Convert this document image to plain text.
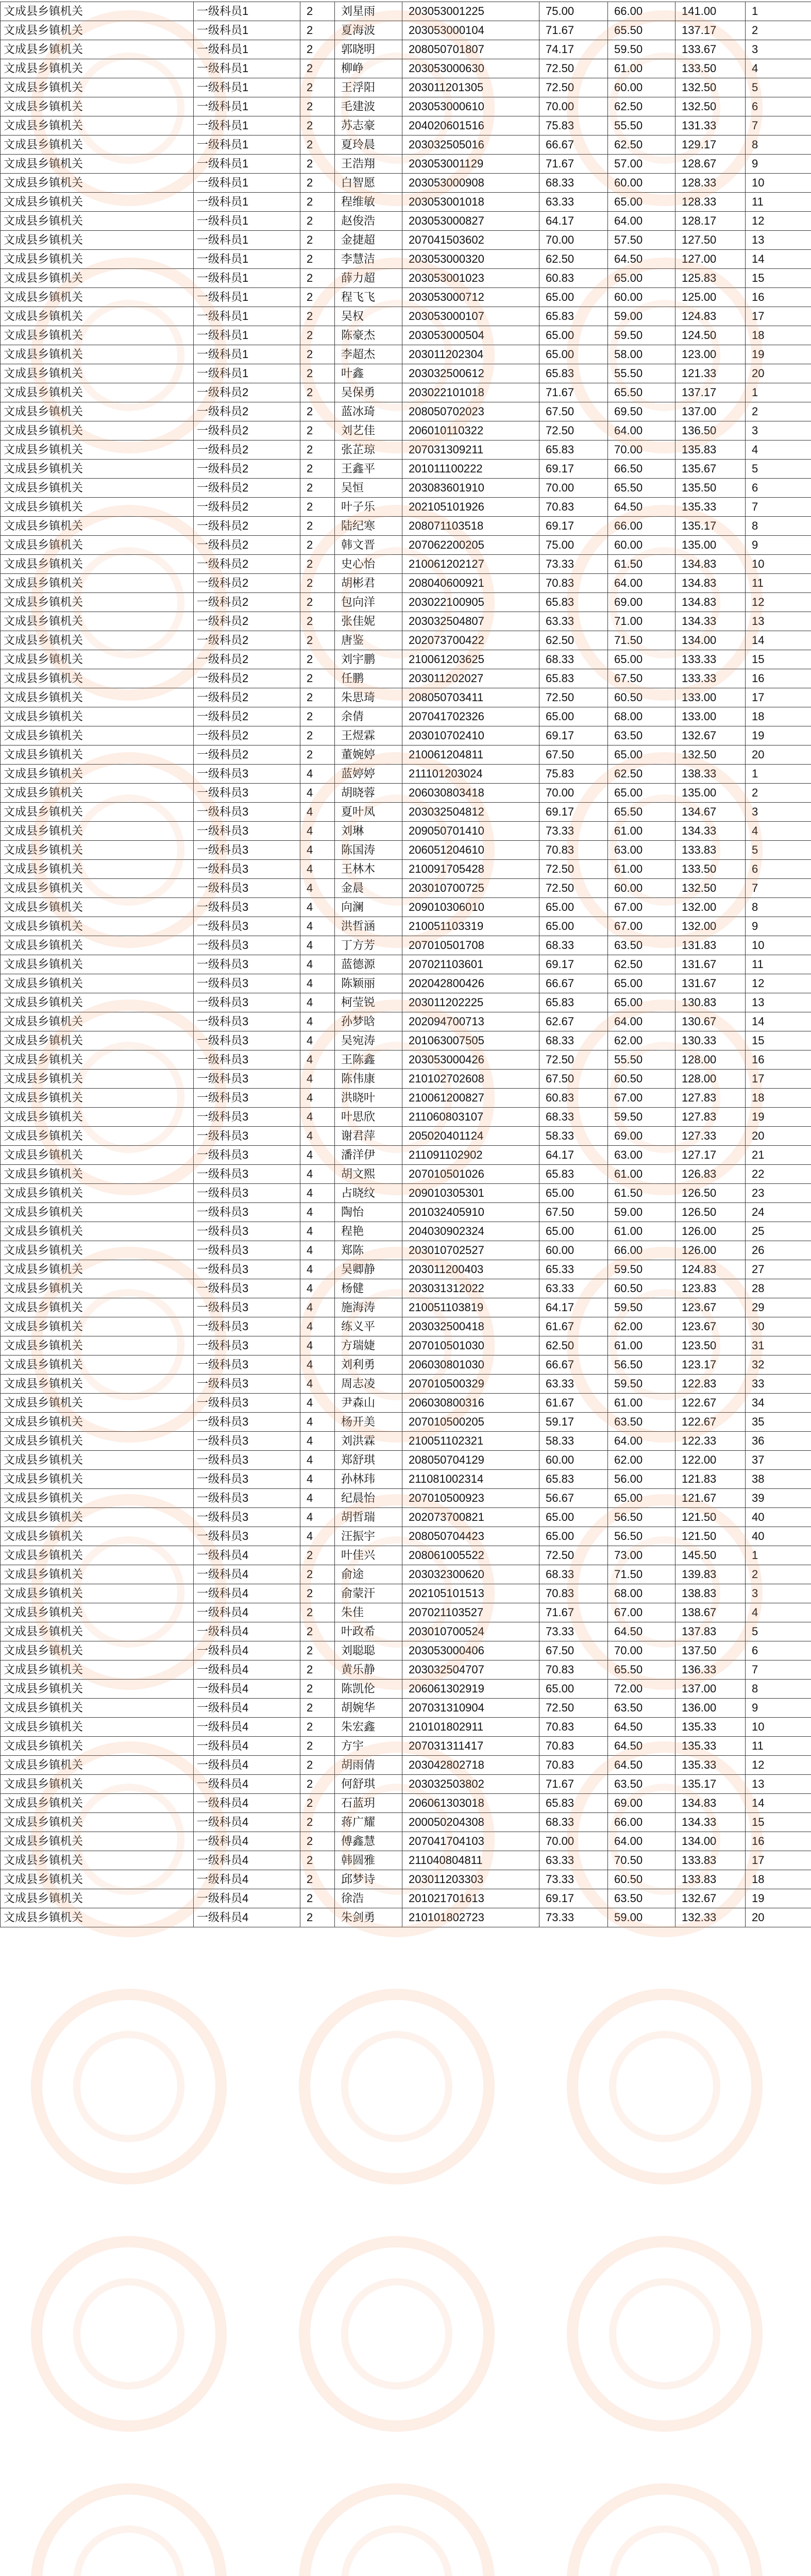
文成县乡镇机关	一级科员1	2	刘星雨	203053001225	75.00	66.00	141.00	1
文成县乡镇机关	一级科员1	2	夏海波	203053000104	71.67	65.50	137.17	2
文成县乡镇机关	一级科员1	2	郭晓明	208050701807	74.17	59.50	133.67	3
文成县乡镇机关	一级科员1	2	柳峥	203053000630	72.50	61.00	133.50	4
文成县乡镇机关	一级科员1	2	王浮阳	203011201305	72.50	60.00	132.50	5
文成县乡镇机关	一级科员1	2	毛建波	203053000610	70.00	62.50	132.50	6
文成县乡镇机关	一级科员1	2	苏志豪	204020601516	75.83	55.50	131.33	7
文成县乡镇机关	一级科员1	2	夏玲晨	203032505016	66.67	62.50	129.17	8
文成县乡镇机关	一级科员1	2	王浩翔	203053001129	71.67	57.00	128.67	9
文成县乡镇机关	一级科员1	2	白智愿	203053000908	68.33	60.00	128.33	10
文成县乡镇机关	一级科员1	2	程维敏	203053001018	63.33	65.00	128.33	11
文成县乡镇机关	一级科员1	2	赵俊浩	203053000827	64.17	64.00	128.17	12
文成县乡镇机关	一级科员1	2	金捷超	207041503602	70.00	57.50	127.50	13
文成县乡镇机关	一级科员1	2	李慧洁	203053000320	62.50	64.50	127.00	14
文成县乡镇机关	一级科员1	2	薛力超	203053001023	60.83	65.00	125.83	15
文成县乡镇机关	一级科员1	2	程飞飞	203053000712	65.00	60.00	125.00	16
文成县乡镇机关	一级科员1	2	吴权	203053000107	65.83	59.00	124.83	17
文成县乡镇机关	一级科员1	2	陈豪杰	203053000504	65.00	59.50	124.50	18
文成县乡镇机关	一级科员1	2	李超杰	203011202304	65.00	58.00	123.00	19
文成县乡镇机关	一级科员1	2	叶鑫	203032500612	65.83	55.50	121.33	20
文成县乡镇机关	一级科员2	2	吴保勇	203022101018	71.67	65.50	137.17	1
文成县乡镇机关	一级科员2	2	蓝冰琦	208050702023	67.50	69.50	137.00	2
文成县乡镇机关	一级科员2	2	刘艺佳	206010110322	72.50	64.00	136.50	3
文成县乡镇机关	一级科员2	2	张芷琼	207031309211	65.83	70.00	135.83	4
文成县乡镇机关	一级科员2	2	王鑫平	201011100222	69.17	66.50	135.67	5
文成县乡镇机关	一级科员2	2	吴恒	203083601910	70.00	65.50	135.50	6
文成县乡镇机关	一级科员2	2	叶子乐	202105101926	70.83	64.50	135.33	7
文成县乡镇机关	一级科员2	2	陆纪寒	208071103518	69.17	66.00	135.17	8
文成县乡镇机关	一级科员2	2	韩文晋	207062200205	75.00	60.00	135.00	9
文成县乡镇机关	一级科员2	2	史心怡	210061202127	73.33	61.50	134.83	10
文成县乡镇机关	一级科员2	2	胡彬君	208040600921	70.83	64.00	134.83	11
文成县乡镇机关	一级科员2	2	包向洋	203022100905	65.83	69.00	134.83	12
文成县乡镇机关	一级科员2	2	张佳妮	203032504807	63.33	71.00	134.33	13
文成县乡镇机关	一级科员2	2	唐鉴	202073700422	62.50	71.50	134.00	14
文成县乡镇机关	一级科员2	2	刘宇鹏	210061203625	68.33	65.00	133.33	15
文成县乡镇机关	一级科员2	2	任鹏	203011202027	65.83	67.50	133.33	16
文成县乡镇机关	一级科员2	2	朱思琦	208050703411	72.50	60.50	133.00	17
文成县乡镇机关	一级科员2	2	余倩	207041702326	65.00	68.00	133.00	18
文成县乡镇机关	一级科员2	2	王煜霖	203010702410	69.17	63.50	132.67	19
文成县乡镇机关	一级科员2	2	董婉婷	210061204811	67.50	65.00	132.50	20
文成县乡镇机关	一级科员3	4	蓝婷婷	211101203024	75.83	62.50	138.33	1
文成县乡镇机关	一级科员3	4	胡晓蓉	206030803418	70.00	65.00	135.00	2
文成县乡镇机关	一级科员3	4	夏叶凤	203032504812	69.17	65.50	134.67	3
文成县乡镇机关	一级科员3	4	刘琳	209050701410	73.33	61.00	134.33	4
文成县乡镇机关	一级科员3	4	陈国涛	206051204610	70.83	63.00	133.83	5
文成县乡镇机关	一级科员3	4	王林木	210091705428	72.50	61.00	133.50	6
文成县乡镇机关	一级科员3	4	金晨	203010700725	72.50	60.00	132.50	7
文成县乡镇机关	一级科员3	4	向澜	209010306010	65.00	67.00	132.00	8
文成县乡镇机关	一级科员3	4	洪哲涵	210051103319	65.00	67.00	132.00	9
文成县乡镇机关	一级科员3	4	丁方芳	207010501708	68.33	63.50	131.83	10
文成县乡镇机关	一级科员3	4	蓝德源	207021103601	69.17	62.50	131.67	11
文成县乡镇机关	一级科员3	4	陈颖丽	202042800426	66.67	65.00	131.67	12
文成县乡镇机关	一级科员3	4	柯莹锐	203011202225	65.83	65.00	130.83	13
文成县乡镇机关	一级科员3	4	孙梦晗	202094700713	62.67	64.00	130.67	14
文成县乡镇机关	一级科员3	4	吴宛涛	201063007505	68.33	62.00	130.33	15
文成县乡镇机关	一级科员3	4	王陈鑫	203053000426	72.50	55.50	128.00	16
文成县乡镇机关	一级科员3	4	陈伟康	210102702608	67.50	60.50	128.00	17
文成县乡镇机关	一级科员3	4	洪晓叶	210061200827	60.83	67.00	127.83	18
文成县乡镇机关	一级科员3	4	叶思欣	211060803107	68.33	59.50	127.83	19
文成县乡镇机关	一级科员3	4	谢君萍	205020401124	58.33	69.00	127.33	20
文成县乡镇机关	一级科员3	4	潘洋伊	211091102902	64.17	63.00	127.17	21
文成县乡镇机关	一级科员3	4	胡文熙	207010501026	65.83	61.00	126.83	22
文成县乡镇机关	一级科员3	4	占晓纹	209010305301	65.00	61.50	126.50	23
文成县乡镇机关	一级科员3	4	陶怡	201032405910	67.50	59.00	126.50	24
文成县乡镇机关	一级科员3	4	程艳	204030902324	65.00	61.00	126.00	25
文成县乡镇机关	一级科员3	4	郑陈	203010702527	60.00	66.00	126.00	26
文成县乡镇机关	一级科员3	4	吴卿静	203011200403	65.33	59.50	124.83	27
文成县乡镇机关	一级科员3	4	杨健	203031312022	63.33	60.50	123.83	28
文成县乡镇机关	一级科员3	4	施海涛	210051103819	64.17	59.50	123.67	29
文成县乡镇机关	一级科员3	4	练义平	203032500418	61.67	62.00	123.67	30
文成县乡镇机关	一级科员3	4	方瑞婕	207010501030	62.50	61.00	123.50	31
文成县乡镇机关	一级科员3	4	刘利勇	206030801030	66.67	56.50	123.17	32
文成县乡镇机关	一级科员3	4	周志凌	207010500329	63.33	59.50	122.83	33
文成县乡镇机关	一级科员3	4	尹森山	206030800316	61.67	61.00	122.67	34
文成县乡镇机关	一级科员3	4	杨开美	207010500205	59.17	63.50	122.67	35
文成县乡镇机关	一级科员3	4	刘洪霖	210051102321	58.33	64.00	122.33	36
文成县乡镇机关	一级科员3	4	郑舒琪	208050704129	60.00	62.00	122.00	37
文成县乡镇机关	一级科员3	4	孙林玮	211081002314	65.83	56.00	121.83	38
文成县乡镇机关	一级科员3	4	纪晨怡	207010500923	56.67	65.00	121.67	39
文成县乡镇机关	一级科员3	4	胡哲瑞	202073700821	65.00	56.50	121.50	40
文成县乡镇机关	一级科员3	4	汪振宇	208050704423	65.00	56.50	121.50	40
文成县乡镇机关	一级科员4	2	叶佳兴	208061005522	72.50	73.00	145.50	1
文成县乡镇机关	一级科员4	2	俞途	203032300620	68.33	71.50	139.83	2
文成县乡镇机关	一级科员4	2	俞蒙汗	202105101513	70.83	68.00	138.83	3
文成县乡镇机关	一级科员4	2	朱佳	207021103527	71.67	67.00	138.67	4
文成县乡镇机关	一级科员4	2	叶政希	203010700524	73.33	64.50	137.83	5
文成县乡镇机关	一级科员4	2	刘聪聪	203053000406	67.50	70.00	137.50	6
文成县乡镇机关	一级科员4	2	黄乐静	203032504707	70.83	65.50	136.33	7
文成县乡镇机关	一级科员4	2	陈凯伦	206061302919	65.00	72.00	137.00	8
文成县乡镇机关	一级科员4	2	胡婉华	207031310904	72.50	63.50	136.00	9
文成县乡镇机关	一级科员4	2	朱宏鑫	210101802911	70.83	64.50	135.33	10
文成县乡镇机关	一级科员4	2	方宇	207031311417	70.83	64.50	135.33	11
文成县乡镇机关	一级科员4	2	胡雨倩	203042802718	70.83	64.50	135.33	12
文成县乡镇机关	一级科员4	2	何舒琪	203032503802	71.67	63.50	135.17	13
文成县乡镇机关	一级科员4	2	石蓝玥	206061303018	65.83	69.00	134.83	14
文成县乡镇机关	一级科员4	2	蒋广耀	200050204308	68.33	66.00	134.33	15
文成县乡镇机关	一级科员4	2	傅鑫慧	207041704103	70.00	64.00	134.00	16
文成县乡镇机关	一级科员4	2	韩圆雅	211040804811	63.33	70.50	133.83	17
文成县乡镇机关	一级科员4	2	邱梦诗	203011203303	73.33	60.50	133.83	18
文成县乡镇机关	一级科员4	2	徐浩	201021701613	69.17	63.50	132.67	19
文成县乡镇机关	一级科员4	2	朱剑勇	210101802723	73.33	59.00	132.33	20
